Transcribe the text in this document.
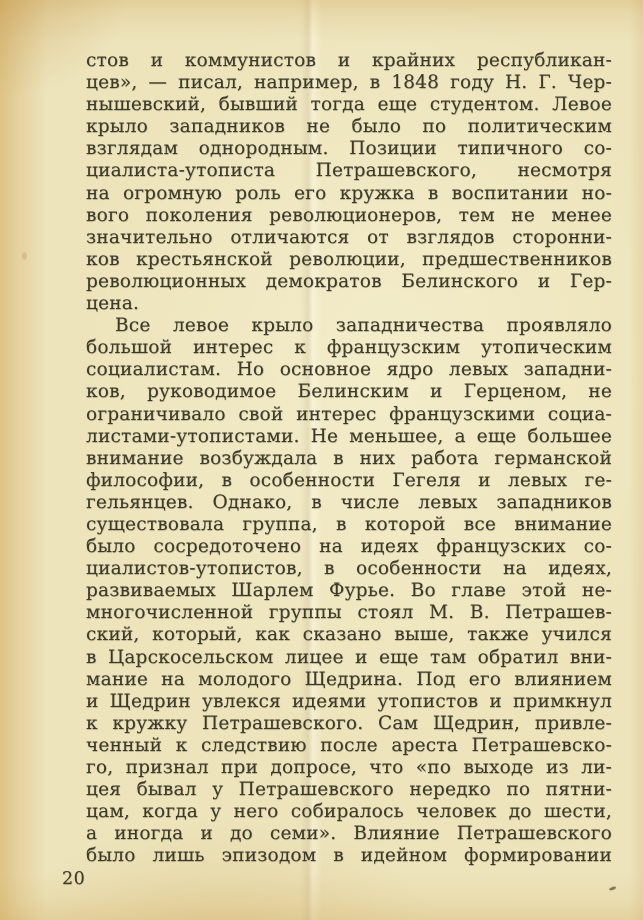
стов и коммунистов и крайних республикан-
цев», — писал, например, в 1848 году Н. Г. Чер-
нышевский, бывший тогда еще студентом. Левое
крыло западников не было по политическим
взглядам однородным. Позиции типичного со-
циалиста-утописта Петрашевского, несмотря
на огромную роль его кружка в воспитании но-
вого поколения революционеров, тем не менее
значительно отличаются от взглядов сторонни-
ков крестьянской революции, предшественников
революционных демократов Белинского и Гер-
цена.
Все левое крыло западничества проявляло
большой интерес к французским утопическим
социалистам. Но основное ядро левых западни-
ков, руководимое Белинским и Герценом, не
ограничивало свой интерес французскими социа-
листами-утопистами. Не меньшее, а еще большее
внимание возбуждала в них работа германской
философии, в особенности Гегеля и левых ге-
гельянцев. Однако, в числе левых западников
существовала группа, в которой все внимание
было сосредоточено на идеях французских со-
циалистов-утопистов, в особенности на идеях,
развиваемых Шарлем Фурье. Во главе этой не-
многочисленной группы стоял М. В. Петрашев-
ский, который, как сказано выше, также учился
в Царскосельском лицее и еще там обратил вни-
мание на молодого Щедрина. Под его влиянием
и Щедрин увлекся идеями утопистов и примкнул
к кружку Петрашевского. Сам Щедрин, привле-
ченный к следствию после ареста Петрашевско-
го, признал при допросе, что «по выходе из ли-
цея бывал у Петрашевского нередко по пятни-
цам, когда у него собиралось человек до шести,
а иногда и до семи». Влияние Петрашевского
было лишь эпизодом в идейном формировании
20
